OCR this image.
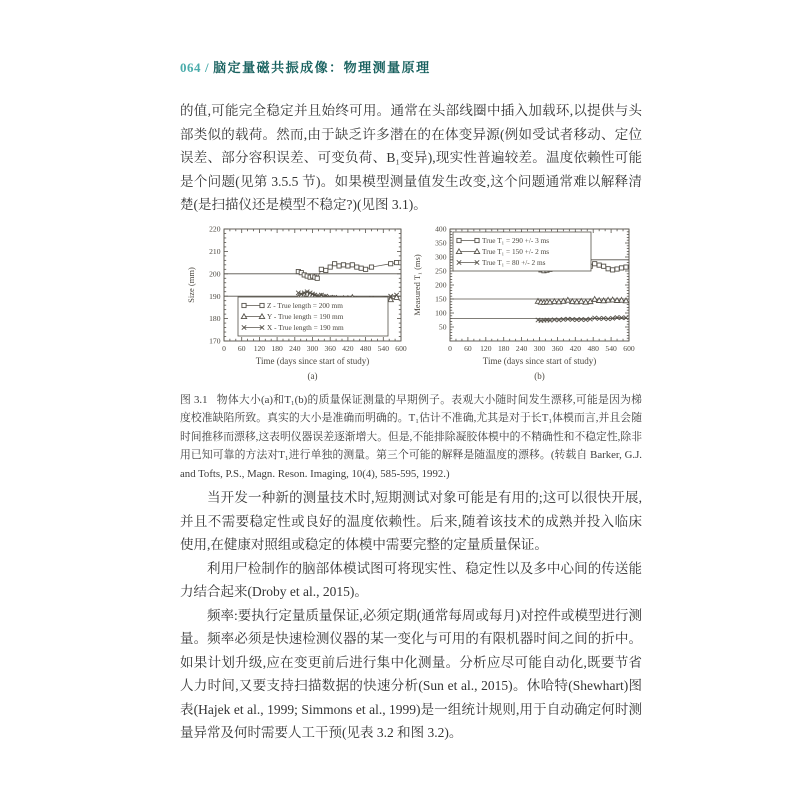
064 / 脑定量磁共振成像：物理测量原理

的值,可能完全稳定并且始终可用。通常在头部线圈中插入加载环,以提供与头部类似的载荷。然而,由于缺乏许多潜在的在体变异源(例如受试者移动、定位误差、部分容积误差、可变负荷、B₁变异),现实性普遍较差。温度依赖性可能是个问题(见第 3.5.5 节)。如果模型测量值发生改变,这个问题通常难以解释清楚(是扫描仪还是模型不稳定?)(见图 3.1)。

0 60 120 180 240 300 360 420 480 540 600
170
180
190
200
210
220
Z - True length = 200 mm
Y - True length = 190 mm
X - True length = 190 mm
Time (days since start of study)
(a)
Size (mm)
0 60 120 180 240 300 360 420 480 540 600
50
100
150
200
250
300
350
400
True T₁ = 290 +/- 3 ms
True T₁ = 150 +/- 2 ms
True T₁ = 80 +/- 2 ms
Time (days since start of study)
(b)
Measured T₁ (ms)
图 3.1 物体大小(a)和T₁(b)的质量保证测量的早期例子。表观大小随时间发生漂移,可能是因为梯度校准缺陷所致。真实的大小是准确而明确的。T₁估计不准确,尤其是对于长T₁体模而言,并且会随时间推移而漂移,这表明仪器误差逐渐增大。但是,不能排除凝胶体模中的不精确性和不稳定性,除非用已知可靠的方法对T₁进行单独的测量。第三个可能的解释是随温度的漂移。(转载自 Barker, G.J. and Tofts, P.S., Magn. Reson. Imaging, 10(4), 585-595, 1992.)

当开发一种新的测量技术时,短期测试对象可能是有用的;这可以很快开展,并且不需要稳定性或良好的温度依赖性。后来,随着该技术的成熟并投入临床使用,在健康对照组或稳定的体模中需要完整的定量质量保证。

利用尸检制作的脑部体模试图可将现实性、稳定性以及多中心间的传送能力结合起来(Droby et al., 2015)。

频率:要执行定量质量保证,必须定期(通常每周或每月)对控件或模型进行测量。频率必须是快速检测仪器的某一变化与可用的有限机器时间之间的折中。如果计划升级,应在变更前后进行集中化测量。分析应尽可能自动化,既要节省人力时间,又要支持扫描数据的快速分析(Sun et al., 2015)。休哈特(Shewhart)图表(Hajek et al., 1999; Simmons et al., 1999)是一组统计规则,用于自动确定何时测量异常及何时需要人工干预(见表 3.2 和图 3.2)。
